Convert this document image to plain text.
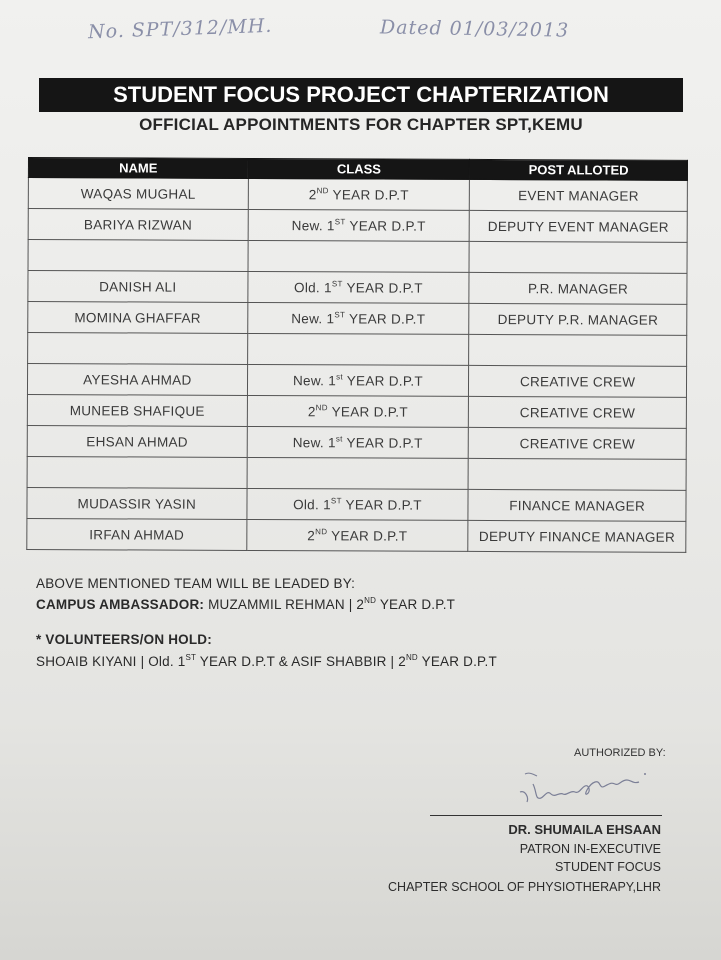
No. SPT/312/MH.	Dated 01/03/2013
STUDENT FOCUS PROJECT CHAPTERIZATION
OFFICIAL APPOINTMENTS FOR CHAPTER SPT,KEMU
NAME	CLASS	POST ALLOTED
WAQAS MUGHAL	2ND YEAR D.P.T	EVENT MANAGER
BARIYA RIZWAN	New. 1ST YEAR D.P.T	DEPUTY EVENT MANAGER

DANISH ALI	Old. 1ST YEAR D.P.T	P.R. MANAGER
MOMINA GHAFFAR	New. 1ST YEAR D.P.T	DEPUTY P.R. MANAGER

AYESHA AHMAD	New. 1st YEAR D.P.T	CREATIVE CREW
MUNEEB SHAFIQUE	2ND YEAR D.P.T	CREATIVE CREW
EHSAN AHMAD	New. 1st YEAR D.P.T	CREATIVE CREW

MUDASSIR YASIN	Old. 1ST YEAR D.P.T	FINANCE MANAGER
IRFAN AHMAD	2ND YEAR D.P.T	DEPUTY FINANCE MANAGER
ABOVE MENTIONED TEAM WILL BE LEADED BY:
CAMPUS AMBASSADOR: MUZAMMIL REHMAN | 2ND YEAR D.P.T
* VOLUNTEERS/ON HOLD:
SHOAIB KIYANI | Old. 1ST YEAR D.P.T & ASIF SHABBIR | 2ND YEAR D.P.T
AUTHORIZED BY:
DR. SHUMAILA EHSAAN
PATRON IN-EXECUTIVE
STUDENT FOCUS
CHAPTER SCHOOL OF PHYSIOTHERAPY,LHR
